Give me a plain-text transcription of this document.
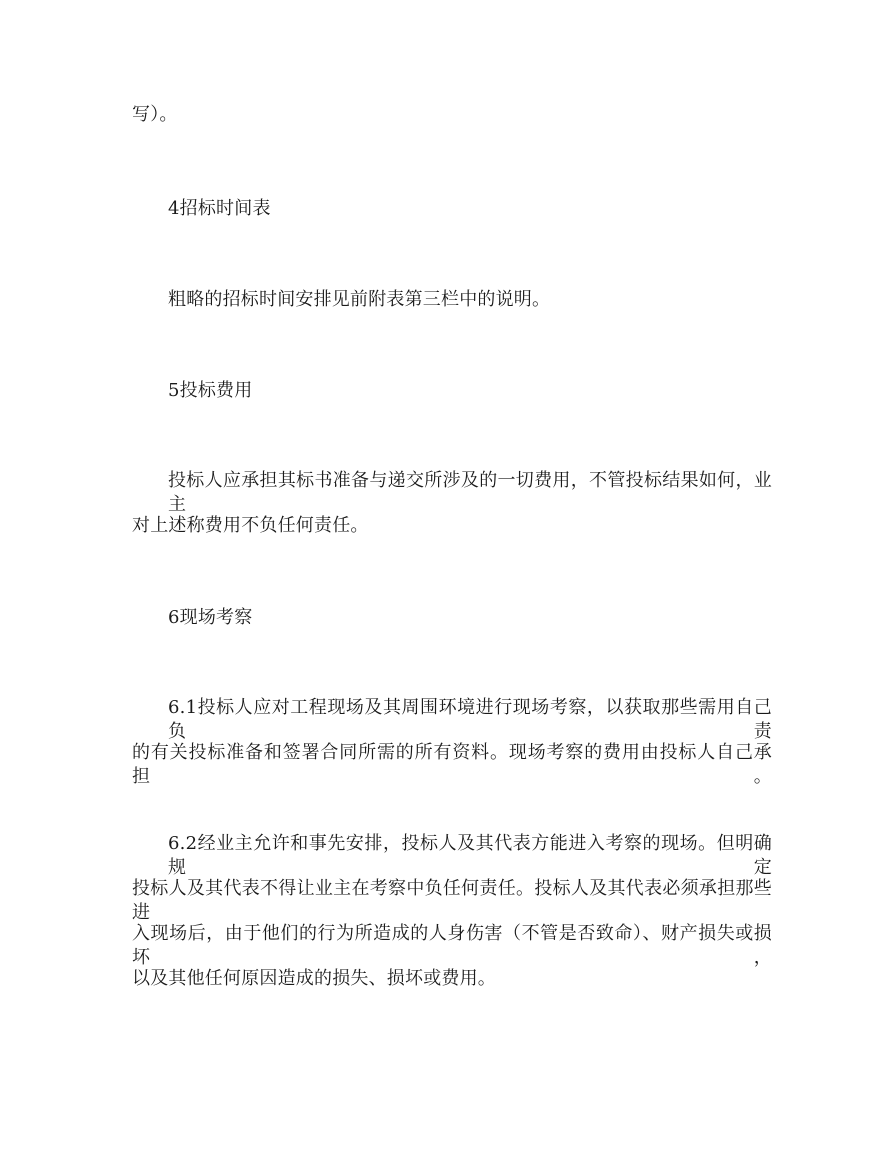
写）。
4招标时间表
粗略的招标时间安排见前附表第三栏中的说明。
5投标费用
投标人应承担其标书准备与递交所涉及的一切费用，不管投标结果如何，业主
对上述称费用不负任何责任。
6现场考察
6.1投标人应对工程现场及其周围环境进行现场考察，以获取那些需用自己负责
的有关投标准备和签署合同所需的所有资料。现场考察的费用由投标人自己承担。
6.2经业主允许和事先安排，投标人及其代表方能进入考察的现场。但明确规定
投标人及其代表不得让业主在考察中负任何责任。投标人及其代表必须承担那些进
入现场后，由于他们的行为所造成的人身伤害（不管是否致命）、财产损失或损坏，
以及其他任何原因造成的损失、损坏或费用。
